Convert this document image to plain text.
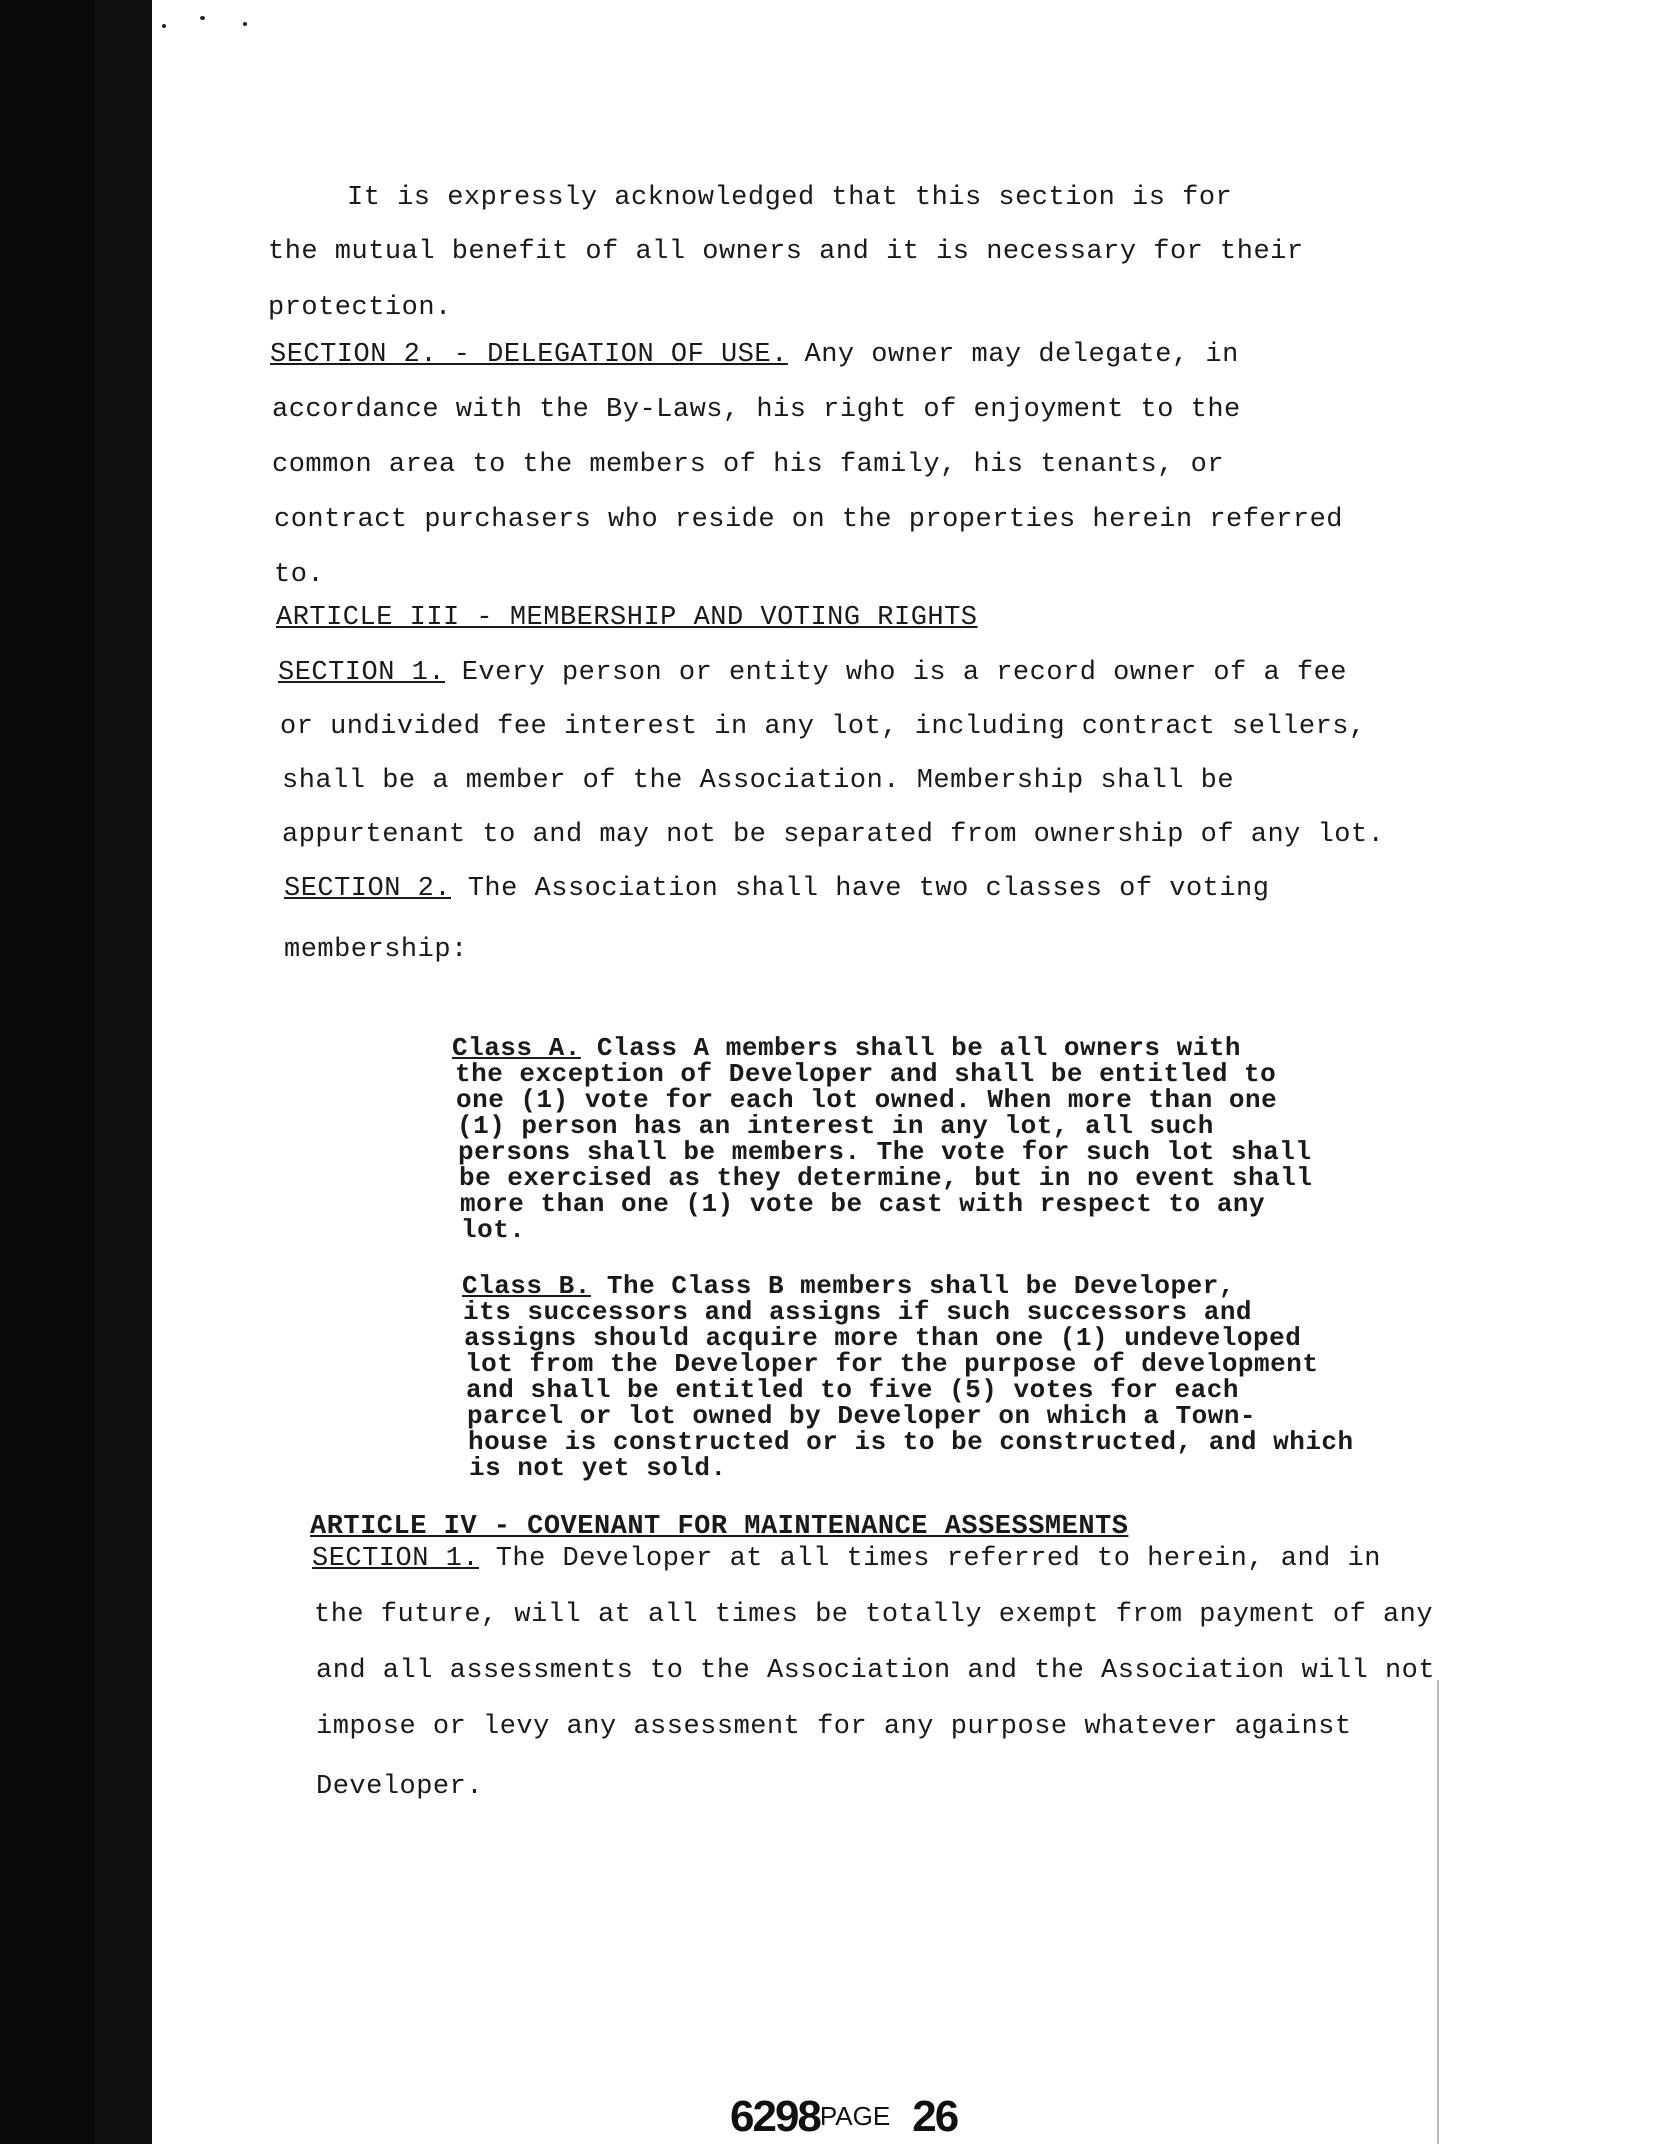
It is expressly acknowledged that this section is for
the mutual benefit of all owners and it is necessary for their
protection.
SECTION 2. - DELEGATION OF USE. Any owner may delegate, in
accordance with the By-Laws, his right of enjoyment to the
common area to the members of his family, his tenants, or
contract purchasers who reside on the properties herein referred
to.
ARTICLE III - MEMBERSHIP AND VOTING RIGHTS
SECTION 1. Every person or entity who is a record owner of a fee
or undivided fee interest in any lot, including contract sellers,
shall be a member of the Association. Membership shall be
appurtenant to and may not be separated from ownership of any lot.
SECTION 2. The Association shall have two classes of voting
membership:
Class A. Class A members shall be all owners with
the exception of Developer and shall be entitled to
one (1) vote for each lot owned. When more than one
(1) person has an interest in any lot, all such
persons shall be members. The vote for such lot shall
be exercised as they determine, but in no event shall
more than one (1) vote be cast with respect to any
lot.
Class B. The Class B members shall be Developer,
its successors and assigns if such successors and
assigns should acquire more than one (1) undeveloped
lot from the Developer for the purpose of development
and shall be entitled to five (5) votes for each
parcel or lot owned by Developer on which a Town-
house is constructed or is to be constructed, and which
is not yet sold.
ARTICLE IV - COVENANT FOR MAINTENANCE ASSESSMENTS
SECTION 1. The Developer at all times referred to herein, and in
the future, will at all times be totally exempt from payment of any
and all assessments to the Association and the Association will not
impose or levy any assessment for any purpose whatever against
Developer.
6298PAGE 26
